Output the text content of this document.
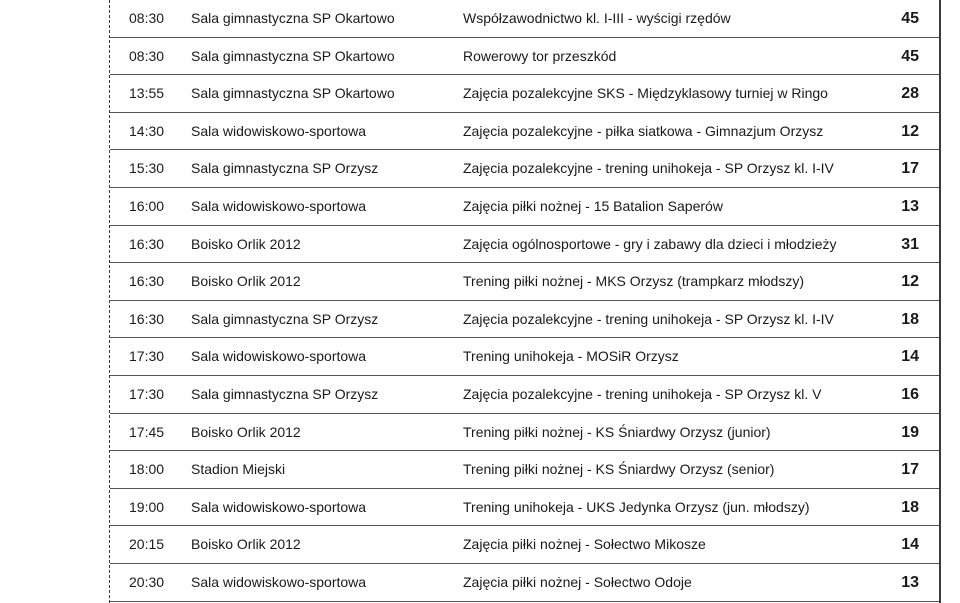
08:30 Sala gimnastyczna SP Okartowo	Współzawodnictwo kl. I-III - wyścigi rzędów	45
08:30 Sala gimnastyczna SP Okartowo	Rowerowy tor przeszkód	45
13:55 Sala gimnastyczna SP Okartowo	Zajęcia pozalekcyjne SKS - Międzyklasowy turniej w Ringo	28
14:30 Sala widowiskowo-sportowa	Zajęcia pozalekcyjne - piłka siatkowa - Gimnazjum Orzysz	12
15:30 Sala gimnastyczna SP Orzysz	Zajęcia pozalekcyjne - trening unihokeja - SP Orzysz kl. I-IV	17
16:00 Sala widowiskowo-sportowa	Zajęcia piłki nożnej - 15 Batalion Saperów	13
16:30 Boisko Orlik 2012	Zajęcia ogólnosportowe - gry i zabawy dla dzieci i młodzieży	31
16:30 Boisko Orlik 2012	Trening piłki nożnej - MKS Orzysz (trampkarz młodszy)	12
16:30 Sala gimnastyczna SP Orzysz	Zajęcia pozalekcyjne - trening unihokeja - SP Orzysz kl. I-IV	18
17:30 Sala widowiskowo-sportowa	Trening unihokeja - MOSiR Orzysz	14
17:30 Sala gimnastyczna SP Orzysz	Zajęcia pozalekcyjne - trening unihokeja - SP Orzysz kl. V	16
17:45 Boisko Orlik 2012	Trening piłki nożnej - KS Śniardwy Orzysz (junior)	19
18:00 Stadion Miejski	Trening piłki nożnej - KS Śniardwy Orzysz (senior)	17
19:00 Sala widowiskowo-sportowa	Trening unihokeja - UKS Jedynka Orzysz (jun. młodszy)	18
20:15 Boisko Orlik 2012	Zajęcia piłki nożnej - Sołectwo Mikosze	14
20:30 Sala widowiskowo-sportowa	Zajęcia piłki nożnej - Sołectwo Odoje	13
